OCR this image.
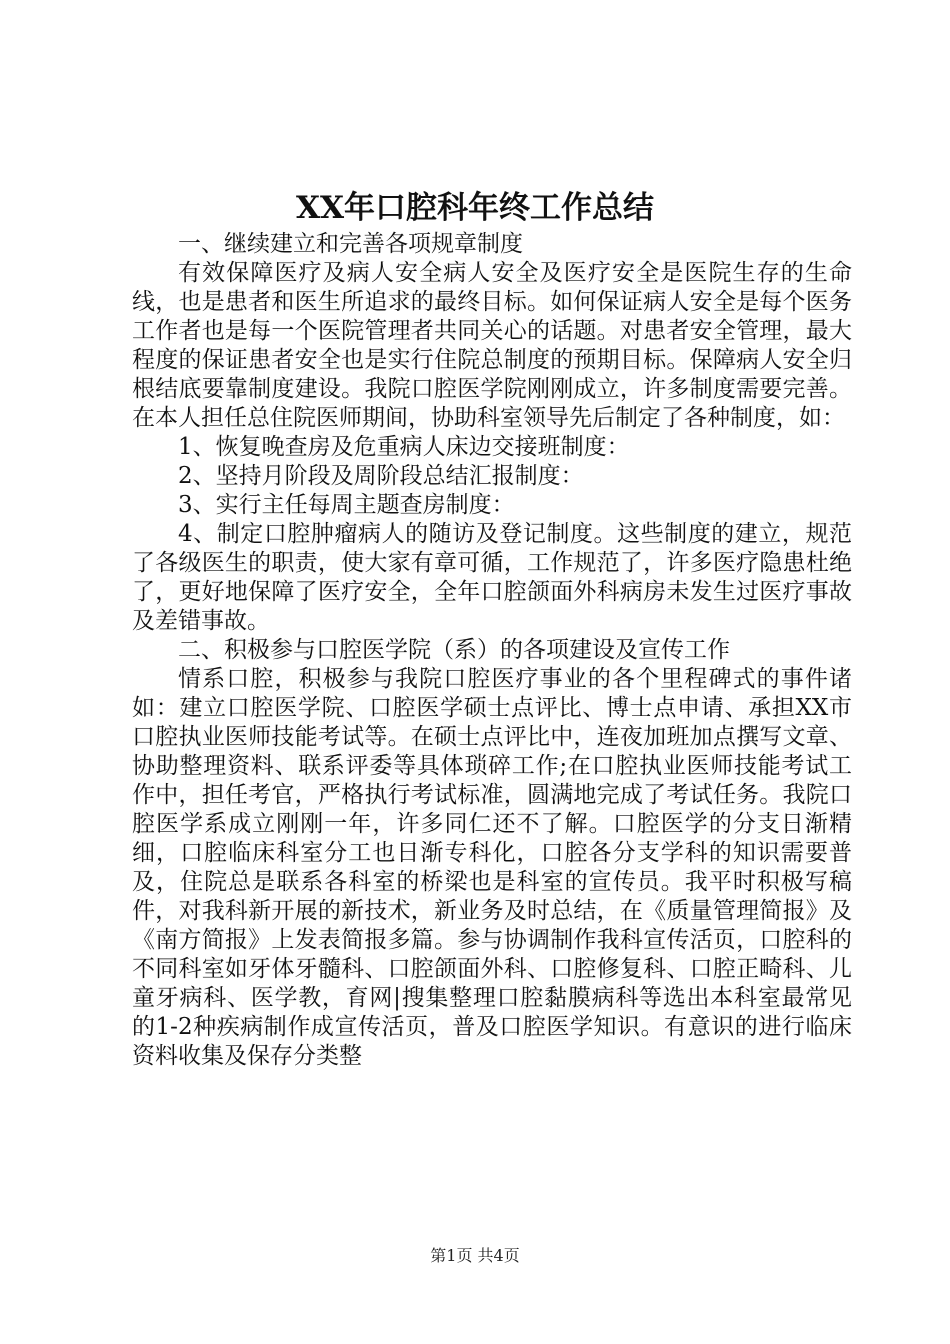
XX年口腔科年终工作总结

一、继续建立和完善各项规章制度

有效保障医疗及病人安全病人安全及医疗安全是医院生存的生命线，也是患者和医生所追求的最终目标。如何保证病人安全是每个医务工作者也是每一个医院管理者共同关心的话题。对患者安全管理，最大程度的保证患者安全也是实行住院总制度的预期目标。保障病人安全归根结底要靠制度建设。我院口腔医学院刚刚成立，许多制度需要完善。在本人担任总住院医师期间，协助科室领导先后制定了各种制度，如：

1、恢复晚查房及危重病人床边交接班制度：

2、坚持月阶段及周阶段总结汇报制度：

3、实行主任每周主题查房制度：

4、制定口腔肿瘤病人的随访及登记制度。这些制度的建立，规范了各级医生的职责，使大家有章可循，工作规范了，许多医疗隐患杜绝了，更好地保障了医疗安全，全年口腔颌面外科病房未发生过医疗事故及差错事故。

二、积极参与口腔医学院（系）的各项建设及宣传工作

情系口腔，积极参与我院口腔医疗事业的各个里程碑式的事件诸如：建立口腔医学院、口腔医学硕士点评比、博士点申请、承担XX市口腔执业医师技能考试等。在硕士点评比中，连夜加班加点撰写文章、协助整理资料、联系评委等具体琐碎工作;在口腔执业医师技能考试工作中，担任考官，严格执行考试标准，圆满地完成了考试任务。我院口腔医学系成立刚刚一年，许多同仁还不了解。口腔医学的分支日渐精细，口腔临床科室分工也日渐专科化，口腔各分支学科的知识需要普及，住院总是联系各科室的桥梁也是科室的宣传员。我平时积极写稿件，对我科新开展的新技术，新业务及时总结，在《质量管理简报》及《南方简报》上发表简报多篇。参与协调制作我科宣传活页，口腔科的不同科室如牙体牙髓科、口腔颌面外科、口腔修复科、口腔正畸科、儿童牙病科、医学教，育网|搜集整理口腔黏膜病科等选出本科室最常见的1-2种疾病制作成宣传活页，普及口腔医学知识。有意识的进行临床资料收集及保存分类整

第1页 共4页
